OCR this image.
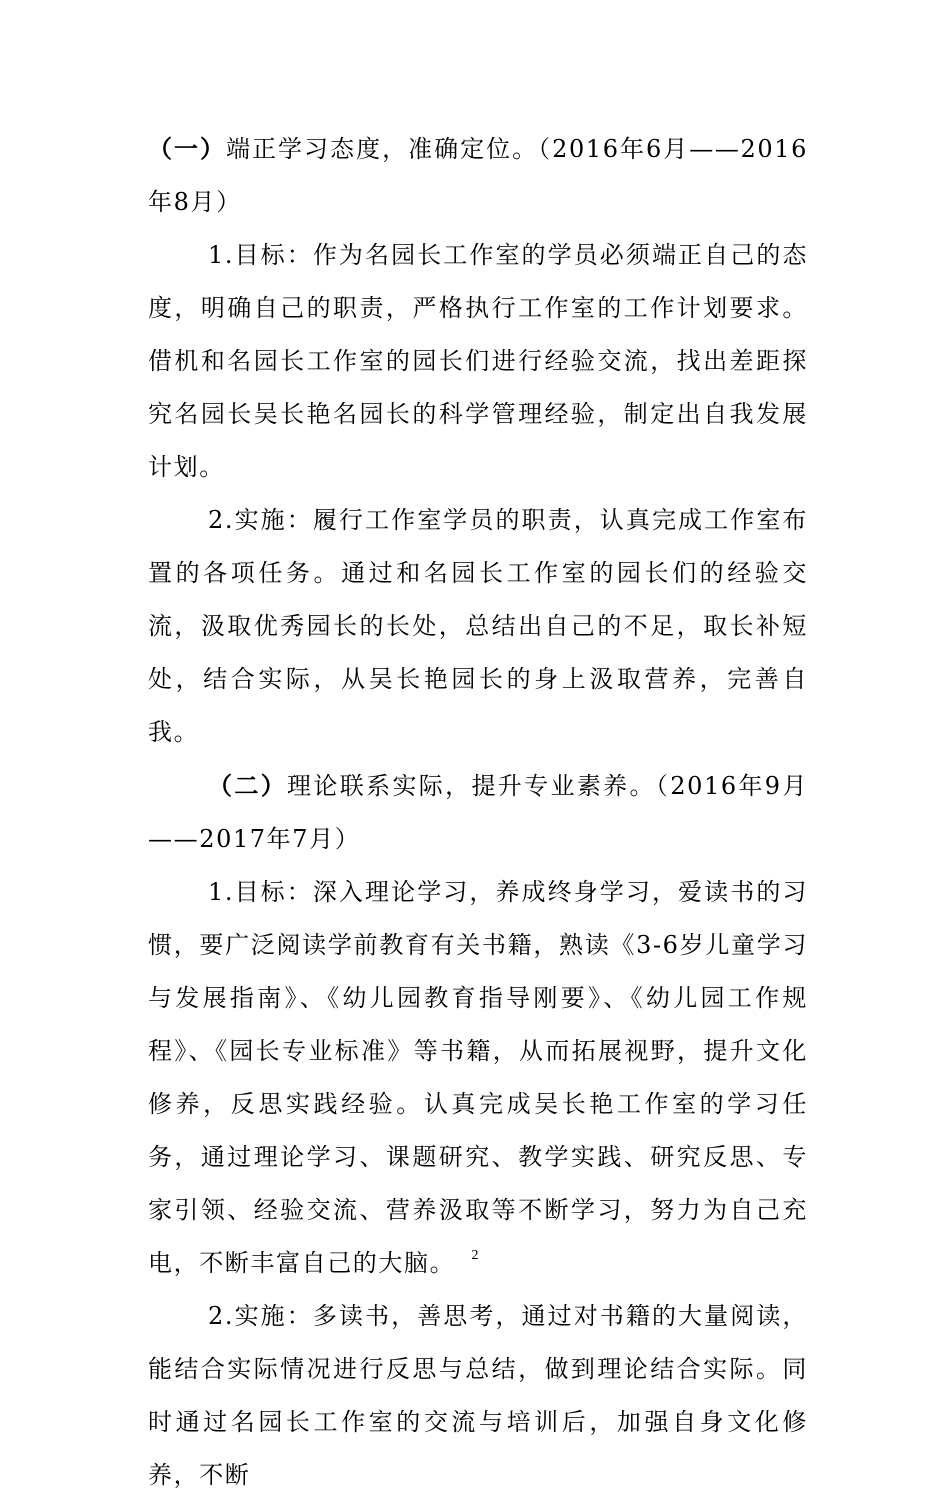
（一）端正学习态度，准确定位。（2016年6月——2016年8月）

1.目标：作为名园长工作室的学员必须端正自己的态度，明确自己的职责，严格执行工作室的工作计划要求。借机和名园长工作室的园长们进行经验交流，找出差距探究名园长吴长艳名园长的科学管理经验，制定出自我发展计划。

2.实施：履行工作室学员的职责，认真完成工作室布置的各项任务。通过和名园长工作室的园长们的经验交流，汲取优秀园长的长处，总结出自己的不足，取长补短处，结合实际，从吴长艳园长的身上汲取营养，完善自我。

（二）理论联系实际，提升专业素养。（2016年9月——2017年7月）

1.目标：深入理论学习，养成终身学习，爱读书的习惯，要广泛阅读学前教育有关书籍，熟读《3-6岁儿童学习与发展指南》、《幼儿园教育指导刚要》、《幼儿园工作规程》、《园长专业标准》等书籍，从而拓展视野，提升文化修养，反思实践经验。认真完成吴长艳工作室的学习任务，通过理论学习、课题研究、教学实践、研究反思、专家引领、经验交流、营养汲取等不断学习，努力为自己充电，不断丰富自己的大脑。

2.实施：多读书，善思考，通过对书籍的大量阅读，能结合实际情况进行反思与总结，做到理论结合实际。同时通过名园长工作室的交流与培训后，加强自身文化修养，不断

2
